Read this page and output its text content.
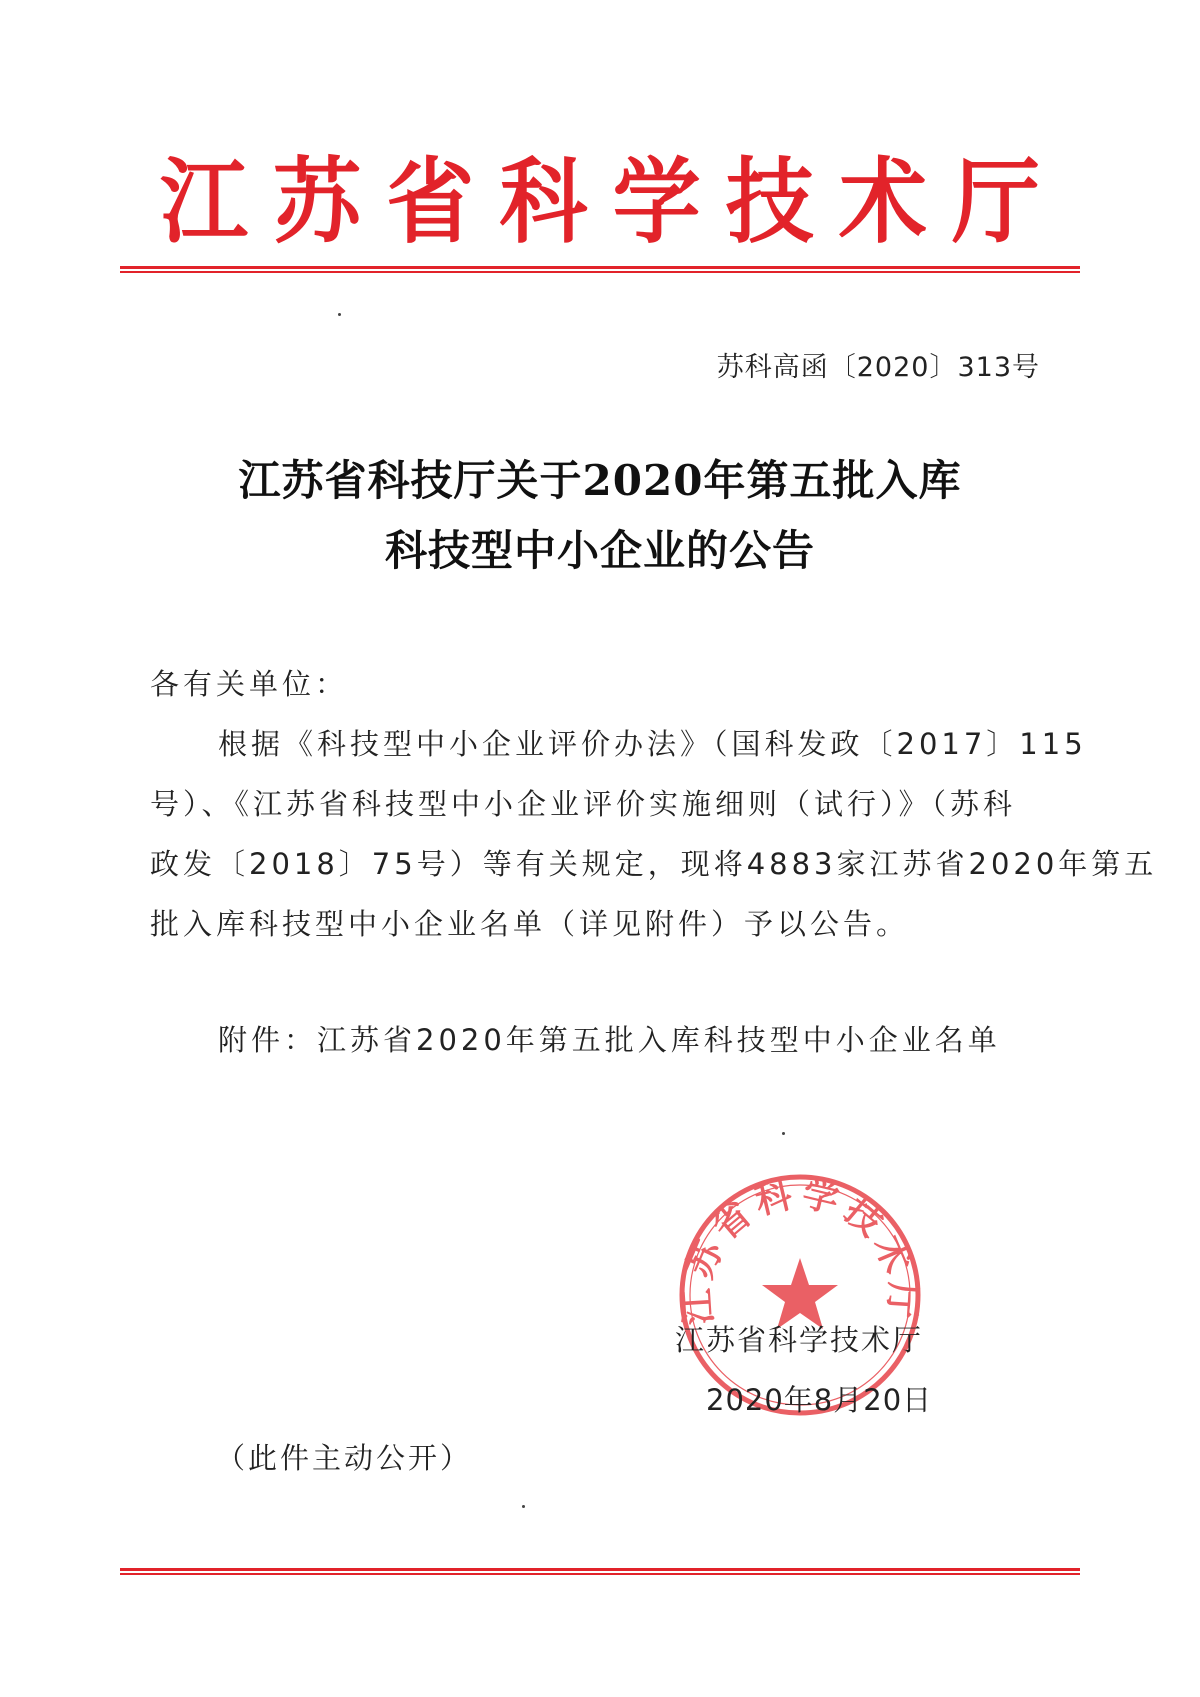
江 苏 省 科 学 技 术 厅
苏科高函〔2020〕313号
江苏省科技厅关于2020年第五批入库
科技型中小企业的公告
各有关单位：
根据《科技型中小企业评价办法》（国科发政〔2017〕115
号）、《江苏省科技型中小企业评价实施细则（试行）》（苏科
政发〔2018〕75号）等有关规定，现将4883家江苏省2020年第五
批入库科技型中小企业名单（详见附件）予以公告。
附件：江苏省2020年第五批入库科技型中小企业名单
江苏省科学技术厅
江苏省科学技术厅
2020年8月20日
（此件主动公开）
